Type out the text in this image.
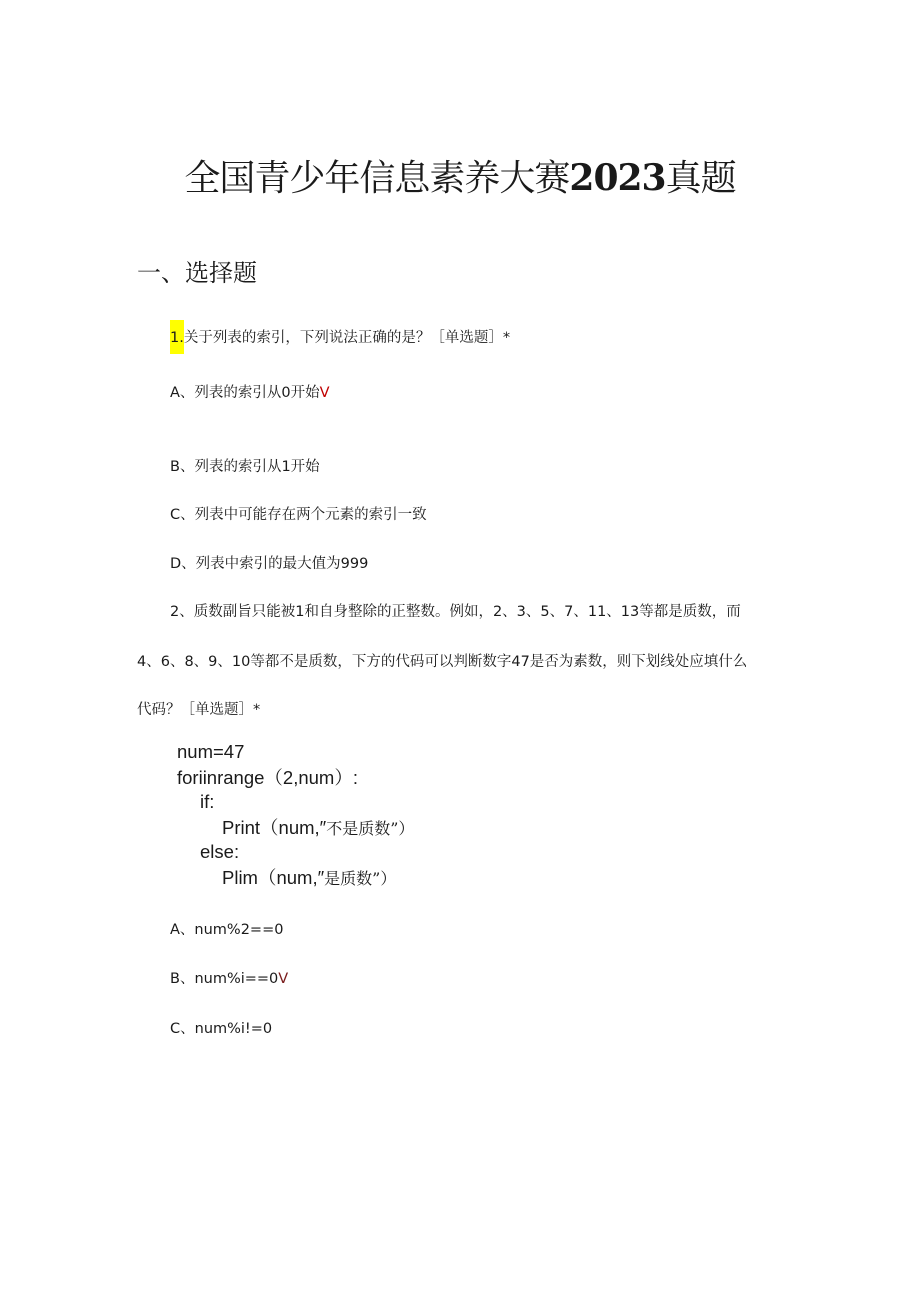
全国青少年信息素养大赛2023真题
一、选择题
1.关于列表的索引，下列说法正确的是？［单选题］*
A、列表的索引从0开始V
B、列表的索引从1开始
C、列表中可能存在两个元素的索引一致
D、列表中索引的最大值为999
2、质数副旨只能被1和自身整除的正整数。例如，2、3、5、7、11、13等都是质数，而
4、6、8、9、10等都不是质数，下方的代码可以判断数字47是否为素数，则下划线处应填什么
代码？［单选题］*
num=47
foriinrange（2,num）:
if:
Print（num,″不是质数”）
else:
Plim（num,″是质数”）
A、num%2==0
B、num%i==0V
C、num%i!=0
